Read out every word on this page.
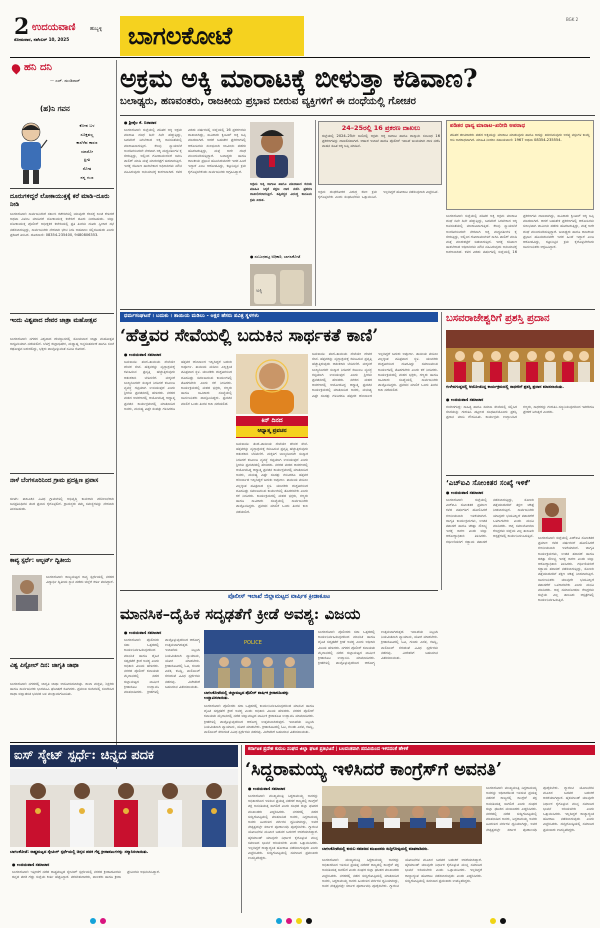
2 ಉದಯವಾಣಿ	ಹುಬ್ಬಳ್ಳಿ
ಸೋಮವಾರ, ನವೆಂಬರ್ 10, 2025 ಬಾಗಲಕೋಟೆ
BGK 2
ಹನಿ ದನಿ
— ಎಚ್. ಡುಂಡಿರಾಜ್
(ಹ)ನಿ ಗವನ
ಕೋಪ ಬಳ
ಸೂಕ್ತವಲ್ಲ
ಕಾಲೆಳೆವ ಕಾರಣ
ಯಾರೋ
ಪ್ರೀತಿ
ಸೋತ
ನನ್ನ ಗುಣ
ದೂರುಗಳಿದ್ದರೆ ಲೋಕಾಯುಕ್ತಕ್ಕೆ ಕರೆ ಮಾಡಿ–ದೂರು ನೀಡಿ
ಬಾಗಲಕೋಟೆ: ಸಾರ್ವಜನಿಕರಿಗೆ ಸರ್ಕಾರಿ ಕಚೇರಿಗಳಲ್ಲಿ ಯಾವುದೇ ಕೆಲಸಕ್ಕೆ ಲಂಚ ಕೇಳಿದರೆ ಅಥವಾ ವಿಳಂಬ ಮಾಡಿದರೆ ಲೋಕಾಯುಕ್ತ ಕಚೇರಿಗೆ ದೂರು ನೀಡಬಹುದು. ಜಿಲ್ಲಾ ಲೋಕಾಯುಕ್ತ ಪೊಲೀಸ್ ಅಧೀಕ್ಷಕರ ಕಚೇರಿಯಲ್ಲಿ ಪ್ರತಿ ತಿಂಗಳು ದೂರು ಸ್ವೀಕಾರ ಸಭೆ ನಡೆಸಲಾಗುತ್ತಿದ್ದು, ಸಾರ್ವಜನಿಕರು ನೇರವಾಗಿ ಭೇಟಿ ನೀಡಿ ಅಹವಾಲು ಸಲ್ಲಿಸಬಹುದು ಎಂದು ಪ್ರಕಟಣೆ ತಿಳಿಸಿದೆ. ದೂರವಾಣಿ: 08354-235400, 9480806353.
ಇಂದು ವಿಶ್ವಪಾದ ದೇವರ ಜಾತ್ರಾ ಮಹೋತ್ಸವ
ಬಾಗಲಕೋಟೆ: ನಗರದ ವಿಶ್ವಪಾದ ದೇವಸ್ಥಾನದಲ್ಲಿ ಸೋಮವಾರ ಜಾತ್ರಾ ಮಹೋತ್ಸವ ಅದ್ದೂರಿಯಾಗಿ ನಡೆಯಲಿದೆ. ಬೆಳಗ್ಗೆ ರುದ್ರಾಭಿಷೇಕ, ಮಧ್ಯಾಹ್ನ ಅನ್ನಸಂತರ್ಪಣೆ ಹಾಗೂ ಸಂಜೆ ರಥೋತ್ಸವ ಜರುಗಲಿದ್ದು, ಭಕ್ತರು ಪಾಲ್ಗೊಳ್ಳುವಂತೆ ಸಮಿತಿ ಕೋರಿದೆ.
ನಾಳೆ ಬೆಂಗಳೂರಿನಿಂದ ಗ್ರಾಮ ಪ್ರದಕ್ಷಿಣ ಪ್ರವಾಸ
ಬೀಳಗಿ: ತಾಲೂಕಿನ ವಿವಿಧ ಗ್ರಾಮಗಳಲ್ಲಿ ಅಭಿವೃದ್ಧಿ ಕಾಮಗಾರಿ ಪರಿಶೀಲನೆಗಾಗಿ ಜನಪ್ರತಿನಿಧಿಗಳ ತಂಡ ಪ್ರವಾಸ ಕೈಗೊಳ್ಳಲಿದೆ. ಗ್ರಾಮಸ್ಥರು ತಮ್ಮ ಸಮಸ್ಯೆಗಳನ್ನು ನೇರವಾಗಿ ತಿಳಿಸಬಹುದು.
ಕಾವ್ಯ ಸ್ಪರ್ಧೆ: ಆಲ್ಬರ್ಟ್ ದ್ವಿತೀಯ
ಬಾಗಲಕೋಟೆ: ರಾಜ್ಯಮಟ್ಟದ ಕಾವ್ಯ ಸ್ಪರ್ಧೆಯಲ್ಲಿ ನಗರದ ವಿದ್ಯಾರ್ಥಿ ದ್ವಿತೀಯ ಸ್ಥಾನ ಪಡೆದು ಜಿಲ್ಲೆಗೆ ಕೀರ್ತಿ ತಂದಿದ್ದಾರೆ.
ವಿಶ್ವ ಪಿಸ್ಟೋಲ್ ದಿನ: ಜಾಗೃತಿ ಜಾಥಾ
ಬಾಗಲಕೋಟೆ: ನಗರದಲ್ಲಿ ಜಾಗೃತಿ ಜಾಥಾ ಆಯೋಜಿಸಲಾಗಿತ್ತು. ಶಾಲಾ ಮಕ್ಕಳು, ಶಿಕ್ಷಕರು ಹಾಗೂ ಸಾರ್ವಜನಿಕರು ಭಾಗವಹಿಸಿ ಘೋಷಣೆ ಕೂಗಿದರು. ಪ್ರಮುಖ ಬೀದಿಗಳಲ್ಲಿ ಸಂಚರಿಸಿದ ಜಾಥಾ ಜಿಲ್ಲಾಡಳಿತ ಭವನದ ಬಳಿ ಮುಕ್ತಾಯಗೊಂಡಿತು.
ಅಕ್ರಮ ಅಕ್ಕಿ ಮಾರಾಟಕ್ಕೆ ಬೀಳುತ್ತಾ ಕಡಿವಾಣ?
ಬಲಾಢ್ಯರು, ಹಣವಂತರು, ರಾಜಕೀಯ ಪ್ರಭಾವ ಬೀರುವ ವ್ಯಕ್ತಿಗಳಿಗೆ ಈ ದಂಧೆಯಲ್ಲಿ ಗೋಚರ
● ಶ್ರೀಶೈಲ ಕೆ. ಬಿರಾದಾರ
ಬಾಗಲಕೋಟೆ: ಜಿಲ್ಲೆಯಲ್ಲಿ ಪಡಿತರ ಅಕ್ಕಿ ಅಕ್ರಮ ಮಾರಾಟ ದಂಧೆ ದಿನೇ ದಿನೇ ಹೆಚ್ಚುತ್ತಿದ್ದು, ಬಡವರಿಗೆ ಸಿಗಬೇಕಾದ ಅಕ್ಕಿ ಕಾಳಸಂತೆಯಲ್ಲಿ ಮಾರಾಟವಾಗುತ್ತಿದೆ. ಕೆಲವು ನ್ಯಾಯಬೆಲೆ ಅಂಗಡಿಗಳಿಂದಲೇ ನೇರವಾಗಿ ಅಕ್ಕಿ ಮಧ್ಯವರ್ತಿಗಳ ಕೈ ಸೇರುತ್ತಿದ್ದು, ಅಲ್ಲಿಂದ ಗೋದಾಮುಗಳಿಗೆ ಸಾಗಿಸಿ ಪಾಲಿಶ್ ಮಾಡಿ ಮತ್ತೆ ಮಾರುಕಟ್ಟೆಗೆ ಬಿಡಲಾಗುತ್ತಿದೆ. ಇದಕ್ಕೆ ಕಡಿವಾಣ ಹಾಕಬೇಕಾದ ಅಧಿಕಾರಿಗಳು ಮೌನ ವಹಿಸಿರುವುದು ಅನುಮಾನಕ್ಕೆ ಕಾರಣವಾಗಿದೆ. ಕಳೆದ ಎರಡು ವರ್ಷಗಳಲ್ಲಿ ಜಿಲ್ಲೆಯಲ್ಲಿ 16 ಪ್ರಕರಣಗಳು ದಾಖಲಾಗಿದ್ದು, ಸಾವಿರಾರು ಕ್ವಿಂಟಲ್ ಅಕ್ಕಿ ಜಪ್ತಿ ಮಾಡಲಾಗಿದೆ. ಆದರೆ ಬಹುತೇಕ ಪ್ರಕರಣಗಳಲ್ಲಿ ಆರೋಪಿಗಳು ಸುಲಭವಾಗಿ ಜಾಮೀನು ಪಡೆದು ಹೊರಬರುತ್ತಿದ್ದು, ಮತ್ತೆ ಅದೇ ದಂಧೆ ಮುಂದುವರಿಸುತ್ತಿದ್ದಾರೆ. ಬಲಾಢ್ಯರು ಹಾಗೂ ರಾಜಕೀಯ ಪ್ರಭಾವ ಹೊಂದಿರುವವರೇ ಇದರ ಹಿಂದೆ ಇದ್ದಾರೆ ಎಂಬ ಆರೋಪವಿದ್ದು, ಕಟ್ಟುನಿಟ್ಟಿನ ಕ್ರಮ ಕೈಗೊಳ್ಳಬೇಕೆಂದು ಸಾರ್ವಜನಿಕರು ಆಗ್ರಹಿಸಿದ್ದಾರೆ.
ಅಕ್ರಮ ಅಕ್ಕಿ ಸಾಗಾಟ ಹಾಗೂ ಮಾರಾಟದ ಕುರಿತು ಮಾಹಿತಿ ಸಿಕ್ಕರೆ ತಕ್ಷಣ ದಾಳಿ ನಡೆಸಿ ಪ್ರಕರಣ ದಾಖಲಿಸಲಾಗುತ್ತಿದೆ. ತಪ್ಪಿತಸ್ಥರ ವಿರುದ್ಧ ಕಾನೂನು ಕ್ರಮ ಖಚಿತ.
● ಸಂಬಂಧಪಟ್ಟ ಅಧಿಕಾರಿ, ಬಾಗಲಕೋಟೆ
ಅಕ್ಕಿ
24–25ರಲ್ಲಿ 16 ಪ್ರಕರಣ ದಾಖಲು
ಜಿಲ್ಲೆಯಲ್ಲಿ 2024–25ನೇ ಸಾಲಿನಲ್ಲಿ ಅಕ್ರಮ ಅಕ್ಕಿ ಸಾಗಾಟ ಹಾಗೂ ದಾಸ್ತಾನು ಸಂಬಂಧ 16 ಪ್ರಕರಣಗಳನ್ನು ದಾಖಲಿಸಲಾಗಿದೆ. ಆಹಾರ ಇಲಾಖೆ ಹಾಗೂ ಪೊಲೀಸ್ ಇಲಾಖೆ ಜಂಟಿಯಾಗಿ ದಾಳಿ ನಡೆಸಿ ವಾಹನ ಸಹಿತ ಅಕ್ಕಿ ಜಪ್ತಿ ಮಾಡಿವೆ.
ಅಕ್ರಮ ದಂಧೆಕೋರರ ವಿರುದ್ಧ ಕಠಿಣ ಕ್ರಮ ಕೈಗೊಳ್ಳಬೇಕು ಎಂದು ಸಂಘಟನೆಗಳು ಒತ್ತಾಯಿಸಿವೆ. ಇಲ್ಲದಿದ್ದರೆ ಹೋರಾಟ ನಡೆಸುವುದಾಗಿ ಎಚ್ಚರಿಸಿವೆ.
ಪಡಿತರ ಧಾನ್ಯ ಮಾರಾಟ–ಖರೀದಿ ಅಪರಾಧ
ಪಡಿತರ ಚೀಟಿದಾರರು ಪಡೆದ ಅಕ್ಕಿಯನ್ನು ಮಾರಾಟ ಮಾಡುವುದು ಹಾಗೂ ಅದನ್ನು ಖರೀದಿಸುವುದು ಅಗತ್ಯ ವಸ್ತುಗಳ ಕಾಯ್ದೆ ಅಡಿ ಅಪರಾಧವಾಗಿದೆ. ಮಾಹಿತಿ ನೀಡಲು ಸಹಾಯವಾಣಿ: 1967 ಅಥವಾ 08354-235554.
ಬಾಗಲಕೋಟೆ: ಜಿಲ್ಲೆಯಲ್ಲಿ ಪಡಿತರ ಅಕ್ಕಿ ಅಕ್ರಮ ಮಾರಾಟ ದಂಧೆ ದಿನೇ ದಿನೇ ಹೆಚ್ಚುತ್ತಿದ್ದು, ಬಡವರಿಗೆ ಸಿಗಬೇಕಾದ ಅಕ್ಕಿ ಕಾಳಸಂತೆಯಲ್ಲಿ ಮಾರಾಟವಾಗುತ್ತಿದೆ. ಕೆಲವು ನ್ಯಾಯಬೆಲೆ ಅಂಗಡಿಗಳಿಂದಲೇ ನೇರವಾಗಿ ಅಕ್ಕಿ ಮಧ್ಯವರ್ತಿಗಳ ಕೈ ಸೇರುತ್ತಿದ್ದು, ಅಲ್ಲಿಂದ ಗೋದಾಮುಗಳಿಗೆ ಸಾಗಿಸಿ ಪಾಲಿಶ್ ಮಾಡಿ ಮತ್ತೆ ಮಾರುಕಟ್ಟೆಗೆ ಬಿಡಲಾಗುತ್ತಿದೆ. ಇದಕ್ಕೆ ಕಡಿವಾಣ ಹಾಕಬೇಕಾದ ಅಧಿಕಾರಿಗಳು ಮೌನ ವಹಿಸಿರುವುದು ಅನುಮಾನಕ್ಕೆ ಕಾರಣವಾಗಿದೆ. ಕಳೆದ ಎರಡು ವರ್ಷಗಳಲ್ಲಿ ಜಿಲ್ಲೆಯಲ್ಲಿ 16 ಪ್ರಕರಣಗಳು ದಾಖಲಾಗಿದ್ದು, ಸಾವಿರಾರು ಕ್ವಿಂಟಲ್ ಅಕ್ಕಿ ಜಪ್ತಿ ಮಾಡಲಾಗಿದೆ. ಆದರೆ ಬಹುತೇಕ ಪ್ರಕರಣಗಳಲ್ಲಿ ಆರೋಪಿಗಳು ಸುಲಭವಾಗಿ ಜಾಮೀನು ಪಡೆದು ಹೊರಬರುತ್ತಿದ್ದು, ಮತ್ತೆ ಅದೇ ದಂಧೆ ಮುಂದುವರಿಸುತ್ತಿದ್ದಾರೆ. ಬಲಾಢ್ಯರು ಹಾಗೂ ರಾಜಕೀಯ ಪ್ರಭಾವ ಹೊಂದಿರುವವರೇ ಇದರ ಹಿಂದೆ ಇದ್ದಾರೆ ಎಂಬ ಆರೋಪವಿದ್ದು, ಕಟ್ಟುನಿಟ್ಟಿನ ಕ್ರಮ ಕೈಗೊಳ್ಳಬೇಕೆಂದು ಸಾರ್ವಜನಿಕರು ಆಗ್ರಹಿಸಿದ್ದಾರೆ.
ಧರ್ಮಸಂಘಟನೆ । ಬದುಕು । ತಾಯಿಯ ಮಡಿಲು - ಅಕ್ಷರ ಹೆಸರು ಪವಿತ್ರ ಸ್ಥಳಗಳು
‘ಹೆತ್ತವರ ಸೇವೆಯಲ್ಲಿ ಬದುಕಿನ ಸಾರ್ಥಕತೆ ಕಾಣಿ’
● ಉದಯವಾಣಿ ಸಮಾಚಾರ
ಜಮಖಂಡಿ: ತಂದೆ–ತಾಯಿಯ ಸೇವೆಯೇ ದೇವರ ಸೇವೆ. ಹೆತ್ತವರನ್ನು ವೃದ್ಧಾಶ್ರಮಕ್ಕೆ ಕಳುಹಿಸುವ ಪ್ರವೃತ್ತಿ ಹೆಚ್ಚುತ್ತಿರುವುದು ಆತಂಕಕಾರಿ ಬೆಳವಣಿಗೆ. ಮಕ್ಕಳಿಗೆ ಬಾಲ್ಯದಿಂದಲೇ ಸಂಸ್ಕಾರ ನೀಡಿದರೆ ಕುಟುಂಬ ವ್ಯವಸ್ಥೆ ಗಟ್ಟಿಯಾಗಿ ಉಳಿಯುತ್ತದೆ ಎಂದು ಶ್ರೀಗಳು ಪ್ರವಚನದಲ್ಲಿ ಹೇಳಿದರು. ನಗರದ ಮಠದ ಆವರಣದಲ್ಲಿ ಆಯೋಜಿಸಿದ್ದ ಆಧ್ಯಾತ್ಮ ಪ್ರವಚನ ಕಾರ್ಯಕ್ರಮದಲ್ಲಿ ಮಾತನಾಡಿದ ಅವರು, ಮನುಷ್ಯ ಎಷ್ಟೇ ಸಂಪತ್ತು ಗಳಿಸಿದರೂ ಹೆತ್ತವರ ಆಶೀರ್ವಾದ ಇಲ್ಲದಿದ್ದರೆ ಬದುಕು ಅಪೂರ್ಣ. ತಾಯಿಯ ಮಡಿಲು ಎಲ್ಲಕ್ಕಿಂತ ಪವಿತ್ರವಾದ ಸ್ಥಳ. ಯುವಕರು ದುಶ್ಚಟಗಳಿಂದ ದೂರವಿದ್ದು ಸಮಾಜಮುಖಿ ಕಾರ್ಯಗಳಲ್ಲಿ ತೊಡಗಬೇಕು ಎಂದು ಕರೆ ನೀಡಿದರು. ಕಾರ್ಯಕ್ರಮದಲ್ಲಿ ಮಠದ ಭಕ್ತರು, ಗಣ್ಯರು ಹಾಗೂ ಸಾವಿರಾರು ಸಂಖ್ಯೆಯಲ್ಲಿ ಸಾರ್ವಜನಿಕರು ಪಾಲ್ಗೊಂಡಿದ್ದರು. ಪ್ರವಚನ ಮಾಲಿಕೆ ಒಂದು ತಿಂಗಳ ಕಾಲ ನಡೆಯಲಿದೆ.
ಕಿನ್ ದಿನದ
ಆಧ್ಯಾತ್ಮ ಪ್ರವಚನ
ಜಮಖಂಡಿ: ತಂದೆ–ತಾಯಿಯ ಸೇವೆಯೇ ದೇವರ ಸೇವೆ. ಹೆತ್ತವರನ್ನು ವೃದ್ಧಾಶ್ರಮಕ್ಕೆ ಕಳುಹಿಸುವ ಪ್ರವೃತ್ತಿ ಹೆಚ್ಚುತ್ತಿರುವುದು ಆತಂಕಕಾರಿ ಬೆಳವಣಿಗೆ. ಮಕ್ಕಳಿಗೆ ಬಾಲ್ಯದಿಂದಲೇ ಸಂಸ್ಕಾರ ನೀಡಿದರೆ ಕುಟುಂಬ ವ್ಯವಸ್ಥೆ ಗಟ್ಟಿಯಾಗಿ ಉಳಿಯುತ್ತದೆ ಎಂದು ಶ್ರೀಗಳು ಪ್ರವಚನದಲ್ಲಿ ಹೇಳಿದರು. ನಗರದ ಮಠದ ಆವರಣದಲ್ಲಿ ಆಯೋಜಿಸಿದ್ದ ಆಧ್ಯಾತ್ಮ ಪ್ರವಚನ ಕಾರ್ಯಕ್ರಮದಲ್ಲಿ ಮಾತನಾಡಿದ ಅವರು, ಮನುಷ್ಯ ಎಷ್ಟೇ ಸಂಪತ್ತು ಗಳಿಸಿದರೂ ಹೆತ್ತವರ ಆಶೀರ್ವಾದ ಇಲ್ಲದಿದ್ದರೆ ಬದುಕು ಅಪೂರ್ಣ. ತಾಯಿಯ ಮಡಿಲು ಎಲ್ಲಕ್ಕಿಂತ ಪವಿತ್ರವಾದ ಸ್ಥಳ. ಯುವಕರು ದುಶ್ಚಟಗಳಿಂದ ದೂರವಿದ್ದು ಸಮಾಜಮುಖಿ ಕಾರ್ಯಗಳಲ್ಲಿ ತೊಡಗಬೇಕು ಎಂದು ಕರೆ ನೀಡಿದರು. ಕಾರ್ಯಕ್ರಮದಲ್ಲಿ ಮಠದ ಭಕ್ತರು, ಗಣ್ಯರು ಹಾಗೂ ಸಾವಿರಾರು ಸಂಖ್ಯೆಯಲ್ಲಿ ಸಾರ್ವಜನಿಕರು ಪಾಲ್ಗೊಂಡಿದ್ದರು. ಪ್ರವಚನ ಮಾಲಿಕೆ ಒಂದು ತಿಂಗಳ ಕಾಲ ನಡೆಯಲಿದೆ.
ಜಮಖಂಡಿ: ತಂದೆ–ತಾಯಿಯ ಸೇವೆಯೇ ದೇವರ ಸೇವೆ. ಹೆತ್ತವರನ್ನು ವೃದ್ಧಾಶ್ರಮಕ್ಕೆ ಕಳುಹಿಸುವ ಪ್ರವೃತ್ತಿ ಹೆಚ್ಚುತ್ತಿರುವುದು ಆತಂಕಕಾರಿ ಬೆಳವಣಿಗೆ. ಮಕ್ಕಳಿಗೆ ಬಾಲ್ಯದಿಂದಲೇ ಸಂಸ್ಕಾರ ನೀಡಿದರೆ ಕುಟುಂಬ ವ್ಯವಸ್ಥೆ ಗಟ್ಟಿಯಾಗಿ ಉಳಿಯುತ್ತದೆ ಎಂದು ಶ್ರೀಗಳು ಪ್ರವಚನದಲ್ಲಿ ಹೇಳಿದರು. ನಗರದ ಮಠದ ಆವರಣದಲ್ಲಿ ಆಯೋಜಿಸಿದ್ದ ಆಧ್ಯಾತ್ಮ ಪ್ರವಚನ ಕಾರ್ಯಕ್ರಮದಲ್ಲಿ ಮಾತನಾಡಿದ ಅವರು, ಮನುಷ್ಯ ಎಷ್ಟೇ ಸಂಪತ್ತು ಗಳಿಸಿದರೂ ಹೆತ್ತವರ ಆಶೀರ್ವಾದ ಇಲ್ಲದಿದ್ದರೆ ಬದುಕು ಅಪೂರ್ಣ. ತಾಯಿಯ ಮಡಿಲು ಎಲ್ಲಕ್ಕಿಂತ ಪವಿತ್ರವಾದ ಸ್ಥಳ. ಯುವಕರು ದುಶ್ಚಟಗಳಿಂದ ದೂರವಿದ್ದು ಸಮಾಜಮುಖಿ ಕಾರ್ಯಗಳಲ್ಲಿ ತೊಡಗಬೇಕು ಎಂದು ಕರೆ ನೀಡಿದರು. ಕಾರ್ಯಕ್ರಮದಲ್ಲಿ ಮಠದ ಭಕ್ತರು, ಗಣ್ಯರು ಹಾಗೂ ಸಾವಿರಾರು ಸಂಖ್ಯೆಯಲ್ಲಿ ಸಾರ್ವಜನಿಕರು ಪಾಲ್ಗೊಂಡಿದ್ದರು. ಪ್ರವಚನ ಮಾಲಿಕೆ ಒಂದು ತಿಂಗಳ ಕಾಲ ನಡೆಯಲಿದೆ.
ಬಸವರಾಜೇಶ್ವರಿಗೆ ಪ್ರಶಸ್ತಿ ಪ್ರದಾನ
ಗುಳೇದಗುಡ್ಡದಲ್ಲಿ ಆಯೋಜಿಸಿದ್ದ ಕಾರ್ಯಕ್ರಮದಲ್ಲಿ ಸಾಧಕರಿಗೆ ಪ್ರಶಸ್ತಿ ಪ್ರದಾನ ಮಾಡಲಾಯಿತು.
● ಉದಯವಾಣಿ ಸಮಾಚಾರ
ಗುಳೇದಗುಡ್ಡ: ಸಾಹಿತ್ಯ ಹಾಗೂ ಸಮಾಜ ಸೇವೆಯಲ್ಲಿ ಸಲ್ಲಿಸಿದ ಸೇವೆಯನ್ನು ಗುರುತಿಸಿ ಪಟ್ಟಣದ ಸಂಘಟನೆಯೊಂದು ಪ್ರಶಸ್ತಿ ಪ್ರದಾನ ಮಾಡಿ ಗೌರವಿಸಿತು. ಕಾರ್ಯಕ್ರಮ ಉದ್ಘಾಟಿಸಿದ ಗಣ್ಯರು, ಸಾಧಕರನ್ನು ಗುರುತಿಸಿ ಸನ್ಮಾನಿಸುವುದರಿಂದ ಇತರರಿಗೂ ಪ್ರೇರಣೆ ಸಿಗುತ್ತದೆ ಎಂದರು.
‘ಎಚ್‌ಐವಿ ಸೋಂಕಿತರ ಸಂಖ್ಯೆ ಇಳಿಕೆ’
● ಉದಯವಾಣಿ ಸಮಾಚಾರ
ಬಾಗಲಕೋಟೆ: ಜಿಲ್ಲೆಯಲ್ಲಿ ಎಚ್‌ಐವಿ ಸೋಂಕಿತರ ಪ್ರಮಾಣ ಕಳೆದ ವರ್ಷಗಳಿಗೆ ಹೋಲಿಸಿದರೆ ಗಣನೀಯವಾಗಿ ಇಳಿಕೆಯಾಗಿದೆ. ಜಾಗೃತಿ ಕಾರ್ಯಕ್ರಮಗಳು, ಉಚಿತ ತಪಾಸಣೆ ಹಾಗೂ ಚಿಕಿತ್ಸಾ ಸೌಲಭ್ಯ ಇದಕ್ಕೆ ಕಾರಣ ಎಂದು ಜಿಲ್ಲಾ ಆರೋಗ್ಯಾಧಿಕಾರಿ ತಿಳಿಸಿದರು. ಗರ್ಭಿಣಿಯರಿಗೆ ಕಡ್ಡಾಯ ತಪಾಸಣೆ ನಡೆಸಲಾಗುತ್ತಿದ್ದು, ಸೋಂಕು ಪತ್ತೆಯಾದವರಿಗೆ ತಕ್ಷಣ ಚಿಕಿತ್ಸೆ ನೀಡಲಾಗುತ್ತಿದೆ. ಸಾರ್ವಜನಿಕರು ಯಾವುದೇ ಭಯವಿಲ್ಲದೆ ತಪಾಸಣೆಗೆ ಒಳಗಾಗಬೇಕು ಎಂದು ಮನವಿ ಮಾಡಿದರು. ಆಪ್ತ ಸಮಾಲೋಚನಾ ಕೇಂದ್ರಗಳು ಜಿಲ್ಲೆಯ ಎಲ್ಲ ತಾಲೂಕು ಆಸ್ಪತ್ರೆಗಳಲ್ಲಿ ಕಾರ್ಯನಿರ್ವಹಿಸುತ್ತಿವೆ. ಬಾಗಲಕೋಟೆ: ಜಿಲ್ಲೆಯಲ್ಲಿ ಎಚ್‌ಐವಿ ಸೋಂಕಿತರ ಪ್ರಮಾಣ ಕಳೆದ ವರ್ಷಗಳಿಗೆ ಹೋಲಿಸಿದರೆ ಗಣನೀಯವಾಗಿ ಇಳಿಕೆಯಾಗಿದೆ. ಜಾಗೃತಿ ಕಾರ್ಯಕ್ರಮಗಳು, ಉಚಿತ ತಪಾಸಣೆ ಹಾಗೂ ಚಿಕಿತ್ಸಾ ಸೌಲಭ್ಯ ಇದಕ್ಕೆ ಕಾರಣ ಎಂದು ಜಿಲ್ಲಾ ಆರೋಗ್ಯಾಧಿಕಾರಿ ತಿಳಿಸಿದರು. ಗರ್ಭಿಣಿಯರಿಗೆ ಕಡ್ಡಾಯ ತಪಾಸಣೆ ನಡೆಸಲಾಗುತ್ತಿದ್ದು, ಸೋಂಕು ಪತ್ತೆಯಾದವರಿಗೆ ತಕ್ಷಣ ಚಿಕಿತ್ಸೆ ನೀಡಲಾಗುತ್ತಿದೆ. ಸಾರ್ವಜನಿಕರು ಯಾವುದೇ ಭಯವಿಲ್ಲದೆ ತಪಾಸಣೆಗೆ ಒಳಗಾಗಬೇಕು ಎಂದು ಮನವಿ ಮಾಡಿದರು. ಆಪ್ತ ಸಮಾಲೋಚನಾ ಕೇಂದ್ರಗಳು ಜಿಲ್ಲೆಯ ಎಲ್ಲ ತಾಲೂಕು ಆಸ್ಪತ್ರೆಗಳಲ್ಲಿ ಕಾರ್ಯನಿರ್ವಹಿಸುತ್ತಿವೆ.
ಪೊಲೀಸ್ ಇಲಾಖೆ ಜಿಲ್ಲಾಮಟ್ಟದ ವಾರ್ಷಿಕ ಕ್ರೀಡಾಕೂಟ
ಮಾನಸಿಕ–ದೈಹಿಕ ಸದೃಢತೆಗೆ ಕ್ರೀಡೆ ಅವಶ್ಯ: ವಿಜಯ
● ಉದಯವಾಣಿ ಸಮಾಚಾರ
ಬಾಗಲಕೋಟೆ: ಪೊಲೀಸರು ಸದಾ ಒತ್ತಡದಲ್ಲಿ ಕಾರ್ಯನಿರ್ವಹಿಸುವುದರಿಂದ ಮಾನಸಿಕ ಹಾಗೂ ದೈಹಿಕ ಸದೃಢತೆಗೆ ಕ್ರೀಡೆ ಅವಶ್ಯ ಎಂದು ಅಧಿಕಾರಿ ವಿಜಯ ಹೇಳಿದರು. ನಗರದ ಪೊಲೀಸ್ ಕವಾಯತು ಮೈದಾನದಲ್ಲಿ ನಡೆದ ಜಿಲ್ಲಾಮಟ್ಟದ ವಾರ್ಷಿಕ ಕ್ರೀಡಾಕೂಟ ಉದ್ಘಾಟಿಸಿ ಮಾತನಾಡಿದರು. ಕ್ರೀಡೆಗಳಲ್ಲಿ ಪಾಲ್ಗೊಳ್ಳುವುದರಿಂದ ಆರೋಗ್ಯ ಉತ್ತಮವಾಗಿರುತ್ತದೆ. ಇಲಾಖೆಯ ಸಿಬ್ಬಂದಿ ನಿಯಮಿತವಾಗಿ ವ್ಯಾಯಾಮ, ಯೋಗ ಮಾಡಬೇಕು. ಕ್ರೀಡಾಕೂಟದಲ್ಲಿ ಓಟ, ಗುಂಡು ಎಸೆತ, ಕಬಡ್ಡಿ, ವಾಲಿಬಾಲ್ ಸೇರಿದಂತೆ ವಿವಿಧ ಸ್ಪರ್ಧೆಗಳು ನಡೆದವು. ವಿಜೇತರಿಗೆ ಬಹುಮಾನ ವಿತರಿಸಲಾಯಿತು.
POLICE
ಬಾಗಲಕೋಟೆಯಲ್ಲಿ ಜಿಲ್ಲಾಮಟ್ಟದ ಪೊಲೀಸ್ ವಾರ್ಷಿಕ ಕ್ರೀಡಾಕೂಟವನ್ನು ಉದ್ಘಾಟಿಸಲಾಯಿತು.
ಬಾಗಲಕೋಟೆ: ಪೊಲೀಸರು ಸದಾ ಒತ್ತಡದಲ್ಲಿ ಕಾರ್ಯನಿರ್ವಹಿಸುವುದರಿಂದ ಮಾನಸಿಕ ಹಾಗೂ ದೈಹಿಕ ಸದೃಢತೆಗೆ ಕ್ರೀಡೆ ಅವಶ್ಯ ಎಂದು ಅಧಿಕಾರಿ ವಿಜಯ ಹೇಳಿದರು. ನಗರದ ಪೊಲೀಸ್ ಕವಾಯತು ಮೈದಾನದಲ್ಲಿ ನಡೆದ ಜಿಲ್ಲಾಮಟ್ಟದ ವಾರ್ಷಿಕ ಕ್ರೀಡಾಕೂಟ ಉದ್ಘಾಟಿಸಿ ಮಾತನಾಡಿದರು. ಕ್ರೀಡೆಗಳಲ್ಲಿ ಪಾಲ್ಗೊಳ್ಳುವುದರಿಂದ ಆರೋಗ್ಯ ಉತ್ತಮವಾಗಿರುತ್ತದೆ. ಇಲಾಖೆಯ ಸಿಬ್ಬಂದಿ ನಿಯಮಿತವಾಗಿ ವ್ಯಾಯಾಮ, ಯೋಗ ಮಾಡಬೇಕು. ಕ್ರೀಡಾಕೂಟದಲ್ಲಿ ಓಟ, ಗುಂಡು ಎಸೆತ, ಕಬಡ್ಡಿ, ವಾಲಿಬಾಲ್ ಸೇರಿದಂತೆ ವಿವಿಧ ಸ್ಪರ್ಧೆಗಳು ನಡೆದವು. ವಿಜೇತರಿಗೆ ಬಹುಮಾನ ವಿತರಿಸಲಾಯಿತು.
ಬಾಗಲಕೋಟೆ: ಪೊಲೀಸರು ಸದಾ ಒತ್ತಡದಲ್ಲಿ ಕಾರ್ಯನಿರ್ವಹಿಸುವುದರಿಂದ ಮಾನಸಿಕ ಹಾಗೂ ದೈಹಿಕ ಸದೃಢತೆಗೆ ಕ್ರೀಡೆ ಅವಶ್ಯ ಎಂದು ಅಧಿಕಾರಿ ವಿಜಯ ಹೇಳಿದರು. ನಗರದ ಪೊಲೀಸ್ ಕವಾಯತು ಮೈದಾನದಲ್ಲಿ ನಡೆದ ಜಿಲ್ಲಾಮಟ್ಟದ ವಾರ್ಷಿಕ ಕ್ರೀಡಾಕೂಟ ಉದ್ಘಾಟಿಸಿ ಮಾತನಾಡಿದರು. ಕ್ರೀಡೆಗಳಲ್ಲಿ ಪಾಲ್ಗೊಳ್ಳುವುದರಿಂದ ಆರೋಗ್ಯ ಉತ್ತಮವಾಗಿರುತ್ತದೆ. ಇಲಾಖೆಯ ಸಿಬ್ಬಂದಿ ನಿಯಮಿತವಾಗಿ ವ್ಯಾಯಾಮ, ಯೋಗ ಮಾಡಬೇಕು. ಕ್ರೀಡಾಕೂಟದಲ್ಲಿ ಓಟ, ಗುಂಡು ಎಸೆತ, ಕಬಡ್ಡಿ, ವಾಲಿಬಾಲ್ ಸೇರಿದಂತೆ ವಿವಿಧ ಸ್ಪರ್ಧೆಗಳು ನಡೆದವು. ವಿಜೇತರಿಗೆ ಬಹುಮಾನ ವಿತರಿಸಲಾಯಿತು.
ಐಸ್ ಸ್ಕೇಟ್ ಸ್ಪರ್ಧೆ: ಚಿನ್ನದ ಪದಕ
ಬಾಗಲಕೋಟೆ: ರಾಷ್ಟ್ರಮಟ್ಟದ ಸ್ಕೇಟಿಂಗ್ ಸ್ಪರ್ಧೆಯಲ್ಲಿ ಚಿನ್ನದ ಪದಕ ಗೆದ್ದ ಕ್ರೀಡಾಪಟುಗಳನ್ನು ಸನ್ಮಾನಿಸಲಾಯಿತು.
● ಉದಯವಾಣಿ ಸಮಾಚಾರ
ಬಾಗಲಕೋಟೆ: ಇತ್ತೀಚೆಗೆ ನಡೆದ ರಾಷ್ಟ್ರಮಟ್ಟದ ಸ್ಕೇಟಿಂಗ್ ಸ್ಪರ್ಧೆಯಲ್ಲಿ ನಗರದ ಕ್ರೀಡಾಪಟುಗಳು ಚಿನ್ನದ ಪದಕ ಗೆದ್ದು ಜಿಲ್ಲೆಯ ಕೀರ್ತಿ ಹೆಚ್ಚಿಸಿದ್ದಾರೆ. ತರಬೇತುದಾರರು, ಪಾಲಕರು ಹಾಗೂ ಕ್ರೀಡಾ ಪ್ರೇಮಿಗಳು ಅಭಿನಂದಿಸಿದ್ದಾರೆ.
ಕರ್ನಾಟಕ ಪ್ರದೇಶ ಕುರುಬ ಸಂಘದ ಜಿಲ್ಲಾ ಘಟಕ ಪ್ರತಿಭಟನೆ | ಬಲವಂತವಾಗಿ ಪದವಿಯಿಂದ ಇಳಿಸದಂತೆ ಹೇಳಿಕೆ
‘ಸಿದ್ದರಾಮಯ್ಯ ಇಳಿಸಿದರೆ ಕಾಂಗ್ರೆಸ್‌ಗೆ ಅವನತಿ’
● ಉದಯವಾಣಿ ಸಮಾಚಾರ
ಬಾಗಲಕೋಟೆ: ಮುಖ್ಯಮಂತ್ರಿ ಸಿದ್ದರಾಮಯ್ಯ ಅವರನ್ನು ಅಧಿಕಾರದಿಂದ ಇಳಿಸುವ ಪ್ರಯತ್ನ ನಡೆದರೆ ರಾಜ್ಯದಲ್ಲಿ ಕಾಂಗ್ರೆಸ್ ಪಕ್ಷ ಅವನತಿಯತ್ತ ಸಾಗಲಿದೆ ಎಂದು ಸಂಘದ ಜಿಲ್ಲಾ ಘಟಕದ ಮುಖಂಡರು ಎಚ್ಚರಿಸಿದರು. ನಗರದಲ್ಲಿ ನಡೆದ ಸುದ್ದಿಗೋಷ್ಠಿಯಲ್ಲಿ ಮಾತನಾಡಿದ ಅವರು, ಸಿದ್ದರಾಮಯ್ಯ ಅವರು ಹಿಂದುಳಿದ ವರ್ಗಗಳ ಧ್ವನಿಯಾಗಿದ್ದು, ಅವರ ನೇತೃತ್ವದಲ್ಲೇ ಸರ್ಕಾರ ಪೂರ್ಣಾವಧಿ ಪೂರೈಸಬೇಕು. ಗ್ಯಾರಂಟಿ ಯೋಜನೆಗಳ ಮೂಲಕ ಬಡವರ ಬದುಕಿಗೆ ಆಸರೆಯಾಗಿದ್ದಾರೆ. ಹೈಕಮಾಂಡ್ ಯಾವುದೇ ನಿರ್ಧಾರ ಕೈಗೊಳ್ಳುವ ಮುನ್ನ ಸಮಾಜದ ಭಾವನೆ ಅರಿಯಬೇಕು ಎಂದು ಒತ್ತಾಯಿಸಿದರು. ಇಲ್ಲದಿದ್ದರೆ ರಾಜ್ಯಾದ್ಯಂತ ಹೋರಾಟ ನಡೆಸಲಾಗುವುದು ಎಂದು ಎಚ್ಚರಿಸಿದರು. ಸುದ್ದಿಗೋಷ್ಠಿಯಲ್ಲಿ ಸಮಾಜದ ಪ್ರಮುಖರು ಉಪಸ್ಥಿತರಿದ್ದರು.
ಬಾಗಲಕೋಟೆಯಲ್ಲಿ ಕುರುಬ ಸಮಾಜದ ಮುಖಂಡರು ಸುದ್ದಿಗೋಷ್ಠಿಯಲ್ಲಿ ಮಾತನಾಡಿದರು.
ಬಾಗಲಕೋಟೆ: ಮುಖ್ಯಮಂತ್ರಿ ಸಿದ್ದರಾಮಯ್ಯ ಅವರನ್ನು ಅಧಿಕಾರದಿಂದ ಇಳಿಸುವ ಪ್ರಯತ್ನ ನಡೆದರೆ ರಾಜ್ಯದಲ್ಲಿ ಕಾಂಗ್ರೆಸ್ ಪಕ್ಷ ಅವನತಿಯತ್ತ ಸಾಗಲಿದೆ ಎಂದು ಸಂಘದ ಜಿಲ್ಲಾ ಘಟಕದ ಮುಖಂಡರು ಎಚ್ಚರಿಸಿದರು. ನಗರದಲ್ಲಿ ನಡೆದ ಸುದ್ದಿಗೋಷ್ಠಿಯಲ್ಲಿ ಮಾತನಾಡಿದ ಅವರು, ಸಿದ್ದರಾಮಯ್ಯ ಅವರು ಹಿಂದುಳಿದ ವರ್ಗಗಳ ಧ್ವನಿಯಾಗಿದ್ದು, ಅವರ ನೇತೃತ್ವದಲ್ಲೇ ಸರ್ಕಾರ ಪೂರ್ಣಾವಧಿ ಪೂರೈಸಬೇಕು. ಗ್ಯಾರಂಟಿ ಯೋಜನೆಗಳ ಮೂಲಕ ಬಡವರ ಬದುಕಿಗೆ ಆಸರೆಯಾಗಿದ್ದಾರೆ. ಹೈಕಮಾಂಡ್ ಯಾವುದೇ ನಿರ್ಧಾರ ಕೈಗೊಳ್ಳುವ ಮುನ್ನ ಸಮಾಜದ ಭಾವನೆ ಅರಿಯಬೇಕು ಎಂದು ಒತ್ತಾಯಿಸಿದರು. ಇಲ್ಲದಿದ್ದರೆ ರಾಜ್ಯಾದ್ಯಂತ ಹೋರಾಟ ನಡೆಸಲಾಗುವುದು ಎಂದು ಎಚ್ಚರಿಸಿದರು. ಸುದ್ದಿಗೋಷ್ಠಿಯಲ್ಲಿ ಸಮಾಜದ ಪ್ರಮುಖರು ಉಪಸ್ಥಿತರಿದ್ದರು.
ಬಾಗಲಕೋಟೆ: ಮುಖ್ಯಮಂತ್ರಿ ಸಿದ್ದರಾಮಯ್ಯ ಅವರನ್ನು ಅಧಿಕಾರದಿಂದ ಇಳಿಸುವ ಪ್ರಯತ್ನ ನಡೆದರೆ ರಾಜ್ಯದಲ್ಲಿ ಕಾಂಗ್ರೆಸ್ ಪಕ್ಷ ಅವನತಿಯತ್ತ ಸಾಗಲಿದೆ ಎಂದು ಸಂಘದ ಜಿಲ್ಲಾ ಘಟಕದ ಮುಖಂಡರು ಎಚ್ಚರಿಸಿದರು. ನಗರದಲ್ಲಿ ನಡೆದ ಸುದ್ದಿಗೋಷ್ಠಿಯಲ್ಲಿ ಮಾತನಾಡಿದ ಅವರು, ಸಿದ್ದರಾಮಯ್ಯ ಅವರು ಹಿಂದುಳಿದ ವರ್ಗಗಳ ಧ್ವನಿಯಾಗಿದ್ದು, ಅವರ ನೇತೃತ್ವದಲ್ಲೇ ಸರ್ಕಾರ ಪೂರ್ಣಾವಧಿ ಪೂರೈಸಬೇಕು. ಗ್ಯಾರಂಟಿ ಯೋಜನೆಗಳ ಮೂಲಕ ಬಡವರ ಬದುಕಿಗೆ ಆಸರೆಯಾಗಿದ್ದಾರೆ. ಹೈಕಮಾಂಡ್ ಯಾವುದೇ ನಿರ್ಧಾರ ಕೈಗೊಳ್ಳುವ ಮುನ್ನ ಸಮಾಜದ ಭಾವನೆ ಅರಿಯಬೇಕು ಎಂದು ಒತ್ತಾಯಿಸಿದರು. ಇಲ್ಲದಿದ್ದರೆ ರಾಜ್ಯಾದ್ಯಂತ ಹೋರಾಟ ನಡೆಸಲಾಗುವುದು ಎಂದು ಎಚ್ಚರಿಸಿದರು. ಸುದ್ದಿಗೋಷ್ಠಿಯಲ್ಲಿ ಸಮಾಜದ ಪ್ರಮುಖರು ಉಪಸ್ಥಿತರಿದ್ದರು.
